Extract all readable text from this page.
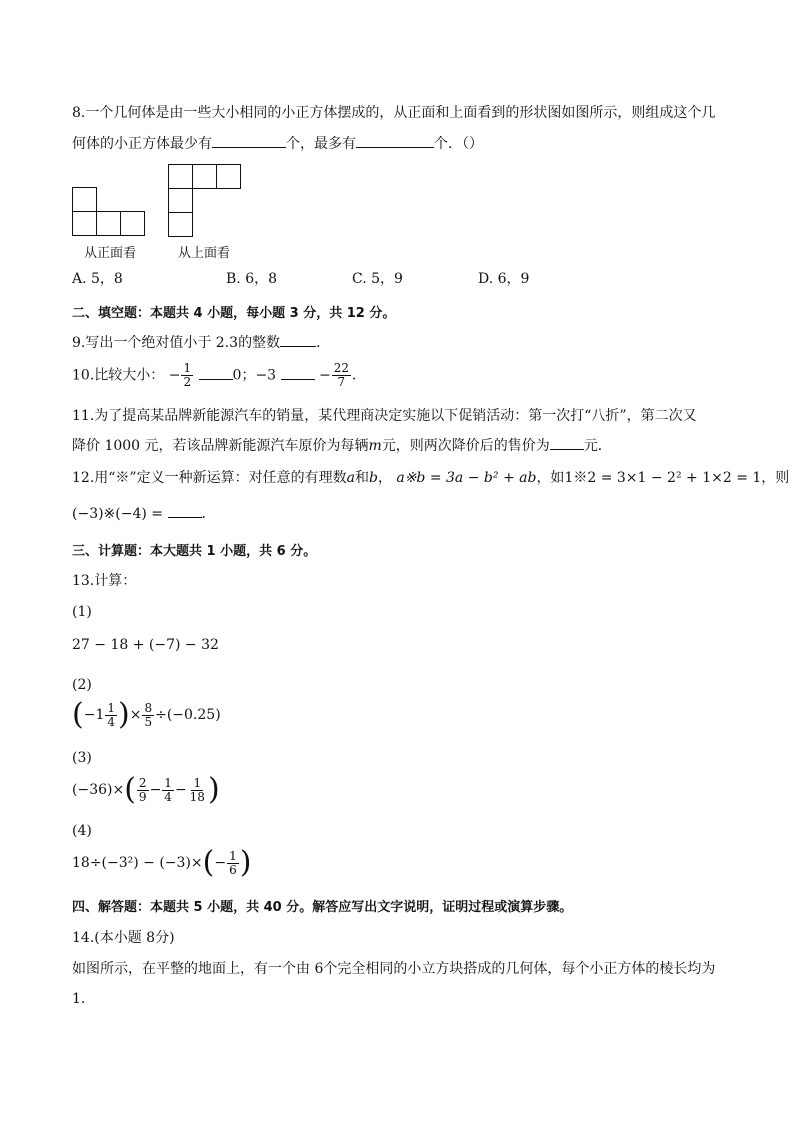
8.一个几何体是由一些大小相同的小正方体摆成的，从正面和上面看到的形状图如图所示，则组成这个几
何体的小正方体最少有	个，最多有	个．（）
从正面看	从上面看
A. 5，8	B. 6，8	C. 5，9	D. 6，9
二、填空题：本题共 4 小题，每小题 3 分，共 12 分。
9.写出一个绝对值小于 2.3的整数	．
10.比较大小： − $\frac{1}{2}$	0；−3	− $\frac{22}{7}$ ．
11.为了提高某品牌新能源汽车的销量，某代理商决定实施以下促销活动：第一次打“八折”，第二次又
降价 1000 元，若该品牌新能源汽车原价为每辆m元，则两次降价后的售价为 元．
12.用“※”定义一种新运算：对任意的有理数a和b， a※b = 3a − b² + ab，如1※2 = 3×1 − 2² + 1×2 = 1，则
(−3)※(−4) =	．
三、计算题：本大题共 1 小题，共 6 分。
13.计算：
(1)
27 − 18 + (−7) − 32
(2)
($-1 \frac{1}{4}$ )× $\frac{8}{5} \div(-0.25)$
(3)
$(-36)\times( \frac{2}{9} - \frac{1}{4} - \frac{1}{18}$ )
(4)
$18\div(-3^2) - (-3)\times(- \frac{1}{6}$ )
四、解答题：本题共 5 小题，共 40 分。解答应写出文字说明，证明过程或演算步骤。
14.(本小题 8分)
如图所示，在平整的地面上，有一个由 6个完全相同的小立方块搭成的几何体，每个小正方体的棱长均为
1．
